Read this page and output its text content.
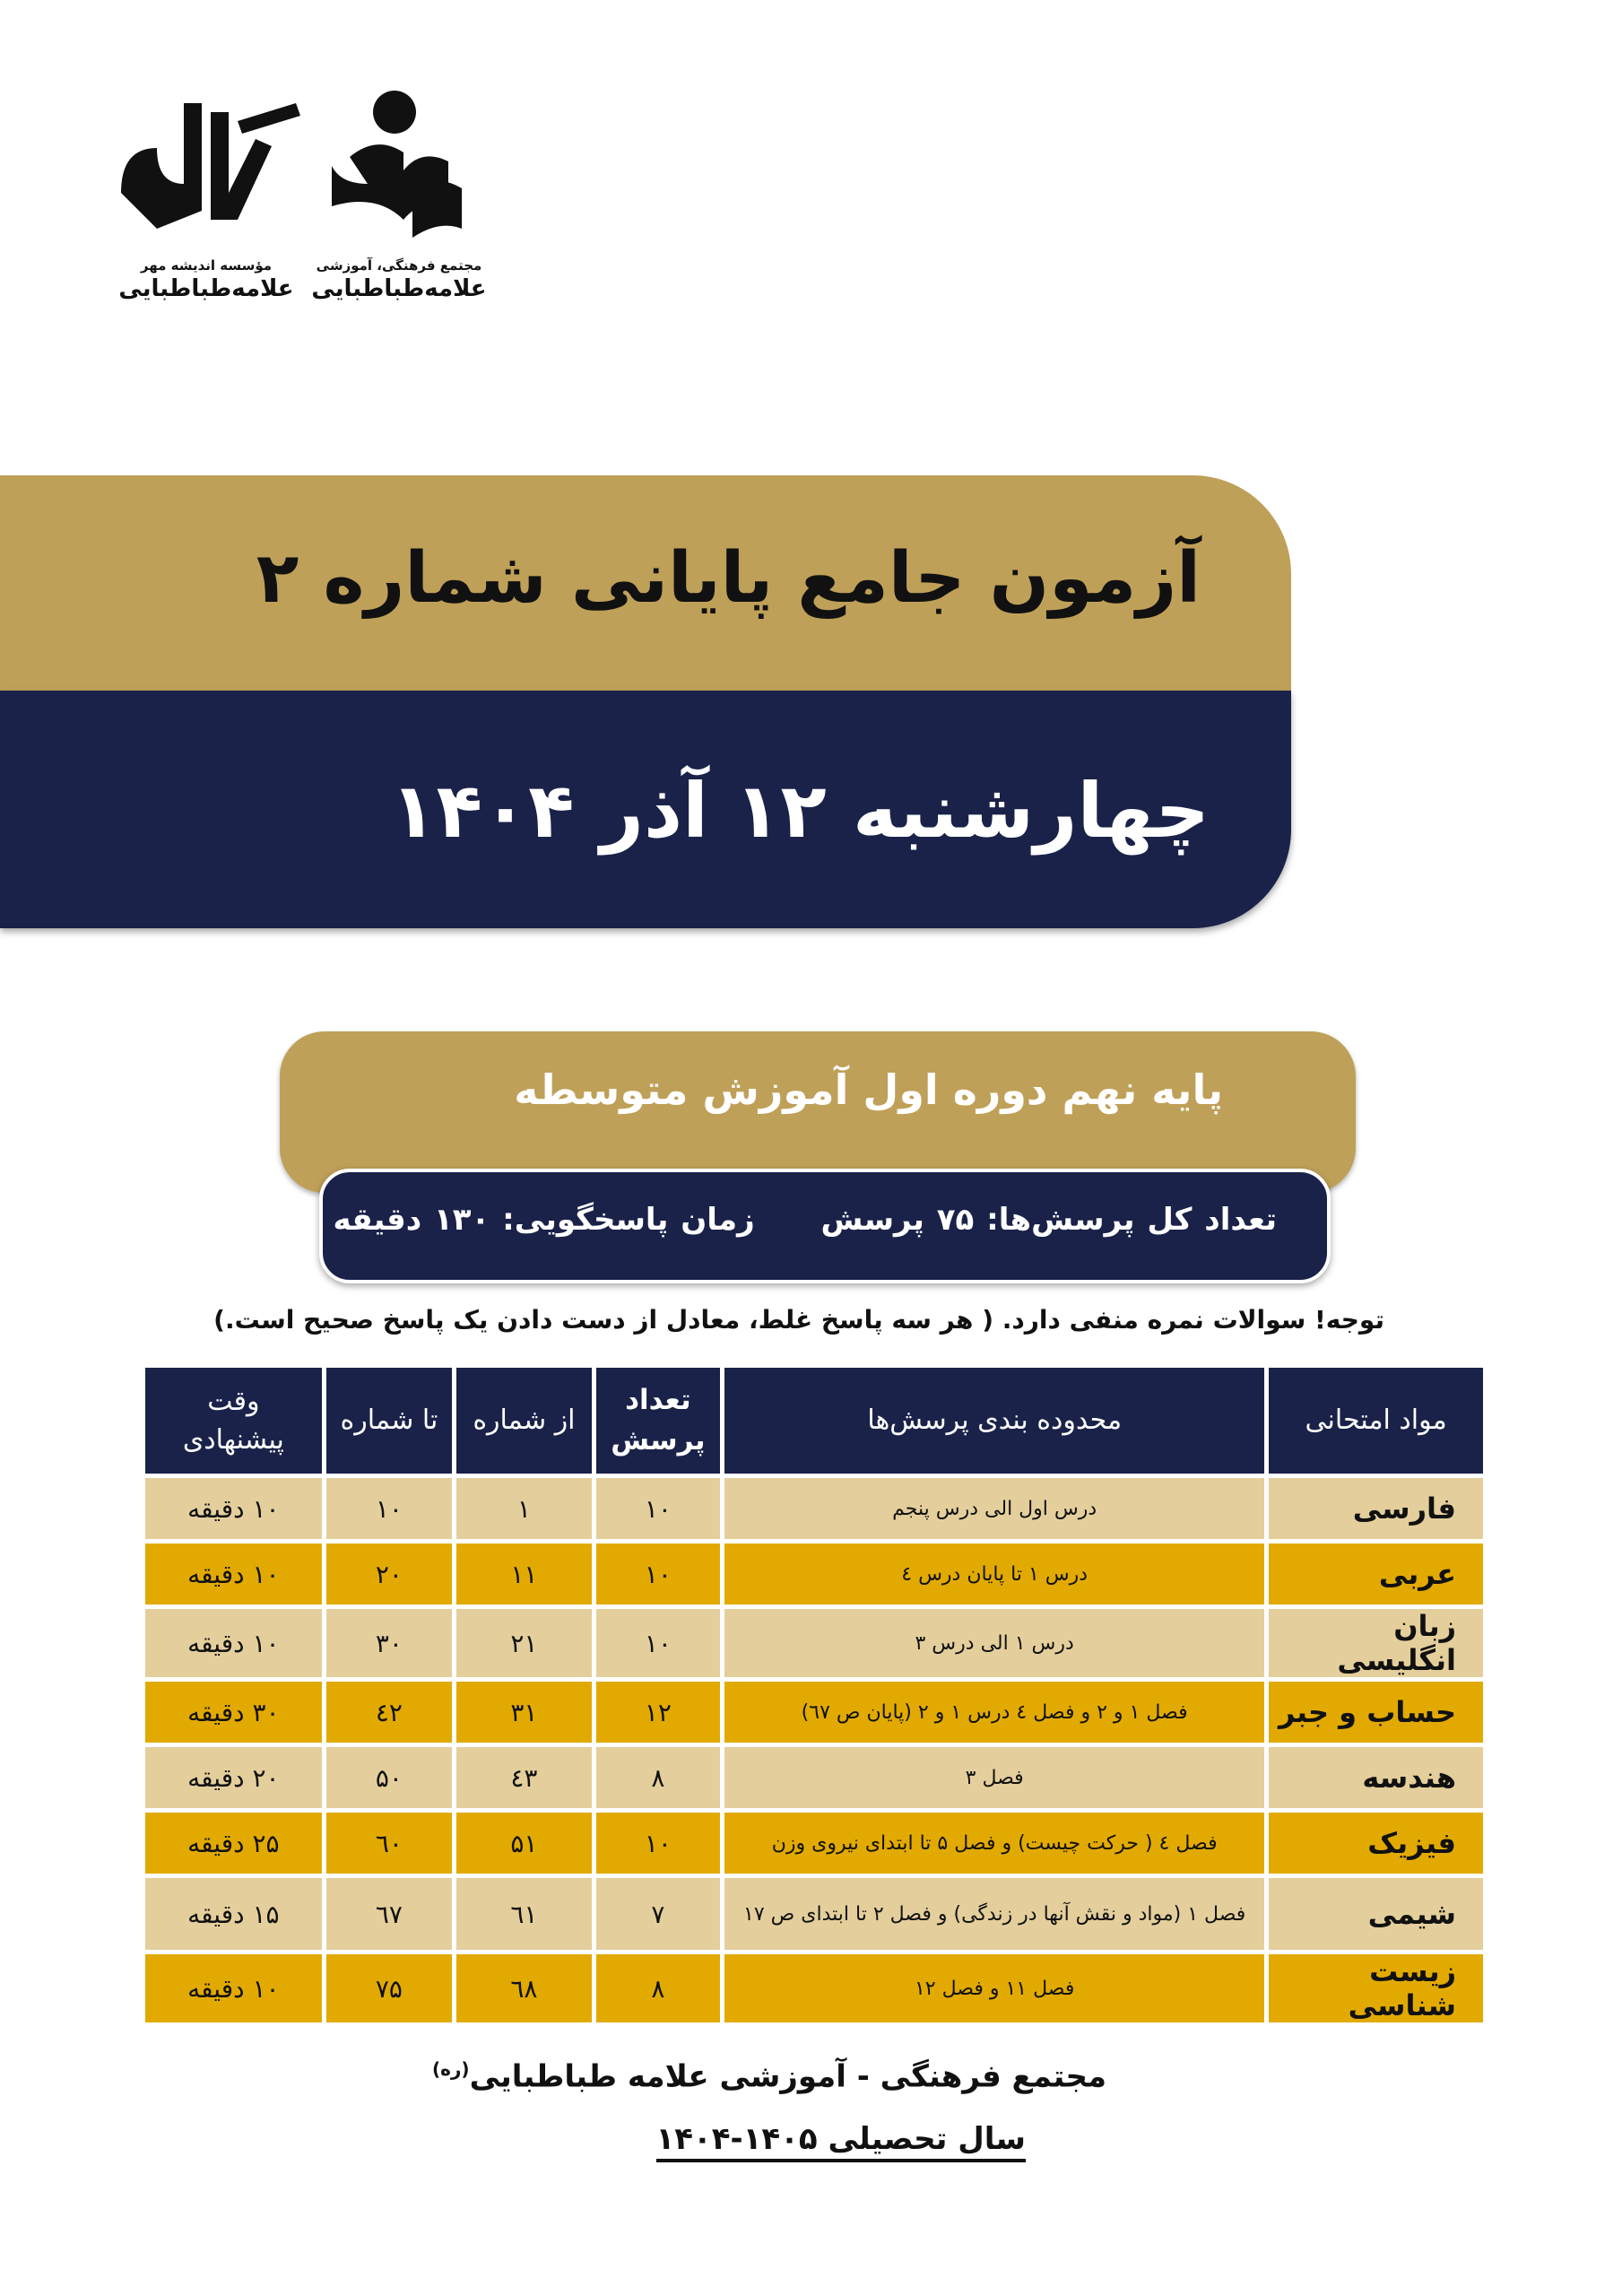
مؤسسه اندیشه مهر
علامه‌طباطبایی
مجتمع فرهنگی، آموزشی
علامه‌طباطبایی
آزمون جامع پایانی شماره ۲
چهارشنبه ۱۲ آذر ۱۴۰۴
پایه نهم دوره اول آموزش متوسطه
تعداد کل پرسش‌ها: ۷۵ پرسش زمان پاسخگویی: ۱۳۰ دقیقه
توجه! سوالات نمره منفی دارد. ( هر سه پاسخ غلط، معادل از دست دادن یک پاسخ صحیح است.)
مواد امتحانی	محدوده بندی پرسش‌ها	تعداد پرسش	از شماره	تا شماره	وقت پیشنهادی
فارسی	درس اول الی درس پنجم	۱۰	۱	۱۰	۱۰ دقیقه
عربی	درس ۱ تا پایان درس ٤	۱۰	۱۱	۲۰	۱۰ دقیقه
زبان انگلیسی	درس ۱ الی درس ۳	۱۰	۲۱	۳۰	۱۰ دقیقه
حساب و جبر	فصل ۱ و ۲ و فصل ٤ درس ۱ و ۲ (پایان ص ٦٧)	۱۲	۳۱	٤۲	۳۰ دقیقه
هندسه	فصل ۳	۸	٤۳	۵۰	۲۰ دقیقه
فیزیک	فصل ٤ ( حرکت چیست) و فصل ۵ تا ابتدای نیروی وزن	۱۰	۵۱	٦۰	۲۵ دقیقه
شیمی	فصل ۱ (مواد و نقش آنها در زندگی) و فصل ۲ تا ابتدای ص ۱۷	۷	٦۱	٦۷	۱۵ دقیقه
زیست شناسی	فصل ۱۱ و فصل ۱۲	۸	٦۸	۷۵	۱۰ دقیقه
مجتمع فرهنگی - آموزشی علامه طباطبایی$^{(ره)}$
سال تحصیلی ۱۴۰۵-۱۴۰۴
